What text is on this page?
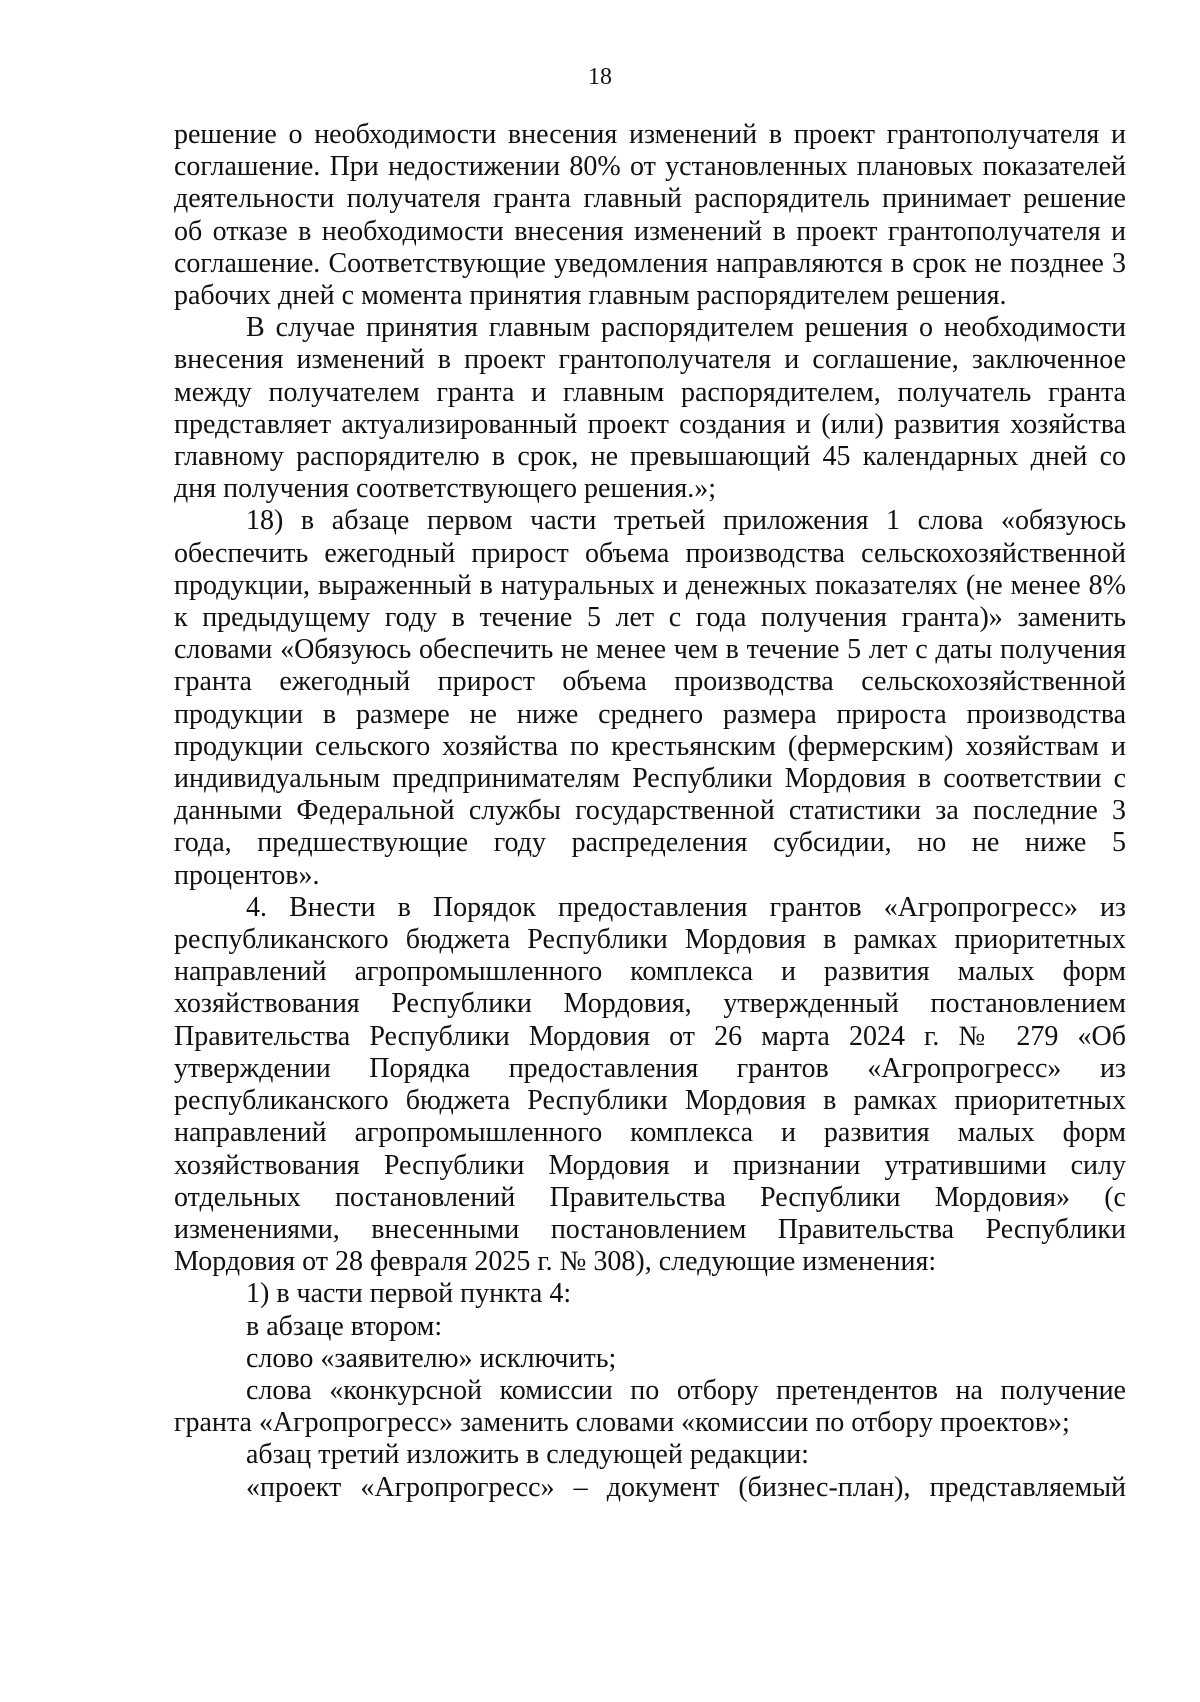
18

решение о необходимости внесения изменений в проект грантополучателя и соглашение. При недостижении 80% от установленных плановых показателей деятельности получателя гранта главный распорядитель принимает решение об отказе в необходимости внесения изменений в проект грантополучателя и соглашение. Соответствующие уведомления направляются в срок не позднее 3 рабочих дней с момента принятия главным распорядителем решения.

В случае принятия главным распорядителем решения о необходимости внесения изменений в проект грантополучателя и соглашение, заключенное между получателем гранта и главным распорядителем, получатель гранта представляет актуализированный проект создания и (или) развития хозяйства главному распорядителю в срок, не превышающий 45 календарных дней со дня получения соответствующего решения.»;

18) в абзаце первом части третьей приложения 1 слова «обязуюсь обеспечить ежегодный прирост объема производства сельскохозяйственной продукции, выраженный в натуральных и денежных показателях (не менее 8% к предыдущему году в течение 5 лет с года получения гранта)» заменить словами «Обязуюсь обеспечить не менее чем в течение 5 лет с даты получения гранта ежегодный прирост объема производства сельскохозяйственной продукции в размере не ниже среднего размера прироста производства продукции сельского хозяйства по крестьянским (фермерским) хозяйствам и индивидуальным предпринимателям Республики Мордовия в соответствии с данными Федеральной службы государственной статистики за последние 3 года, предшествующие году распределения субсидии, но не ниже 5 процентов».

4. Внести в Порядок предоставления грантов «Агропрогресс» из республиканского бюджета Республики Мордовия в рамках приоритетных направлений агропромышленного комплекса и развития малых форм хозяйствования Республики Мордовия, утвержденный постановлением Правительства Республики Мордовия от 26 марта 2024 г. № 279 «Об утверждении Порядка предоставления грантов «Агропрогресс» из республиканского бюджета Республики Мордовия в рамках приоритетных направлений агропромышленного комплекса и развития малых форм хозяйствования Республики Мордовия и признании утратившими силу отдельных постановлений Правительства Республики Мордовия» (с изменениями, внесенными постановлением Правительства Республики Мордовия от 28 февраля 2025 г. № 308), следующие изменения:

1) в части первой пункта 4:

в абзаце втором:

слово «заявителю» исключить;

слова «конкурсной комиссии по отбору претендентов на получение гранта «Агропрогресс» заменить словами «комиссии по отбору проектов»;

абзац третий изложить в следующей редакции:

«проект «Агропрогресс» – документ (бизнес-план), представляемый
